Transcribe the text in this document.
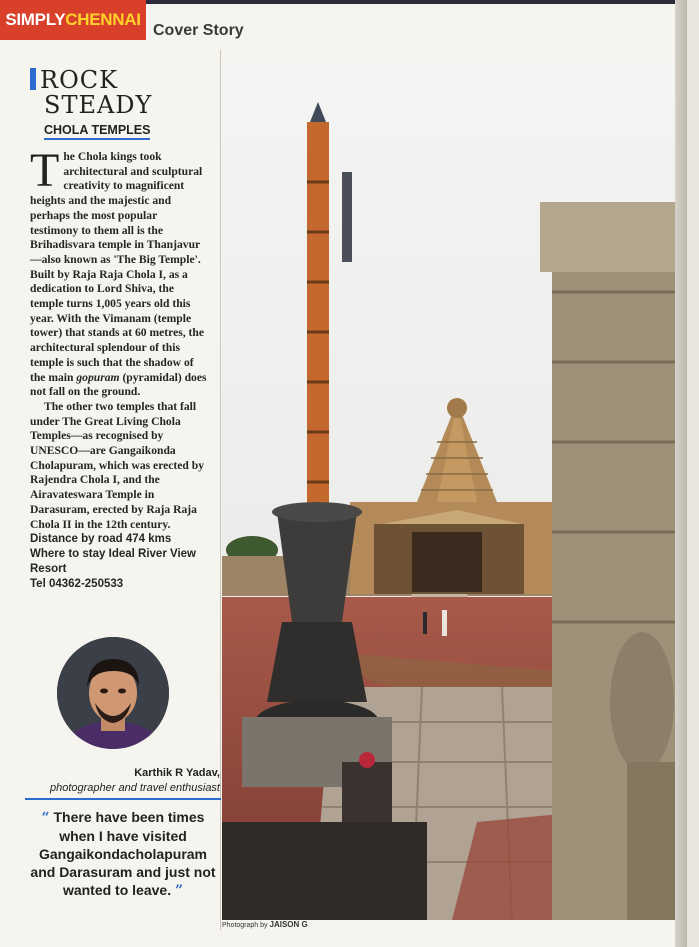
SIMPLY CHENNAI
Cover Story
ROCK
STEADY
CHOLA TEMPLES

The Chola kings took architectural and sculptural creativity to magnificent heights and the majestic and perhaps the most popular testimony to them all is the Brihadisvara temple in Thanjavur—also known as 'The Big Temple'. Built by Raja Raja Chola I, as a dedication to Lord Shiva, the temple turns 1,005 years old this year. With the Vimanam (temple tower) that stands at 60 metres, the architectural splendour of this temple is such that the shadow of the main gopuram (pyramidal) does not fall on the ground.

The other two temples that fall under The Great Living Chola Temples—as recognised by UNESCO—are Gangaikonda Cholapuram, which was erected by Rajendra Chola I, and the Airavateswara Temple in Darasuram, erected by Raja Raja Chola II in the 12th century.

Distance by road 474 kms
Where to stay Ideal River View Resort
Tel 04362-250533
Karthik R Yadav,
photographer and travel enthusiast
“ There have been times when I have visited Gangaikondacholapuram and Darasuram and just not wanted to leave. ”
Photograph by JAISON G
